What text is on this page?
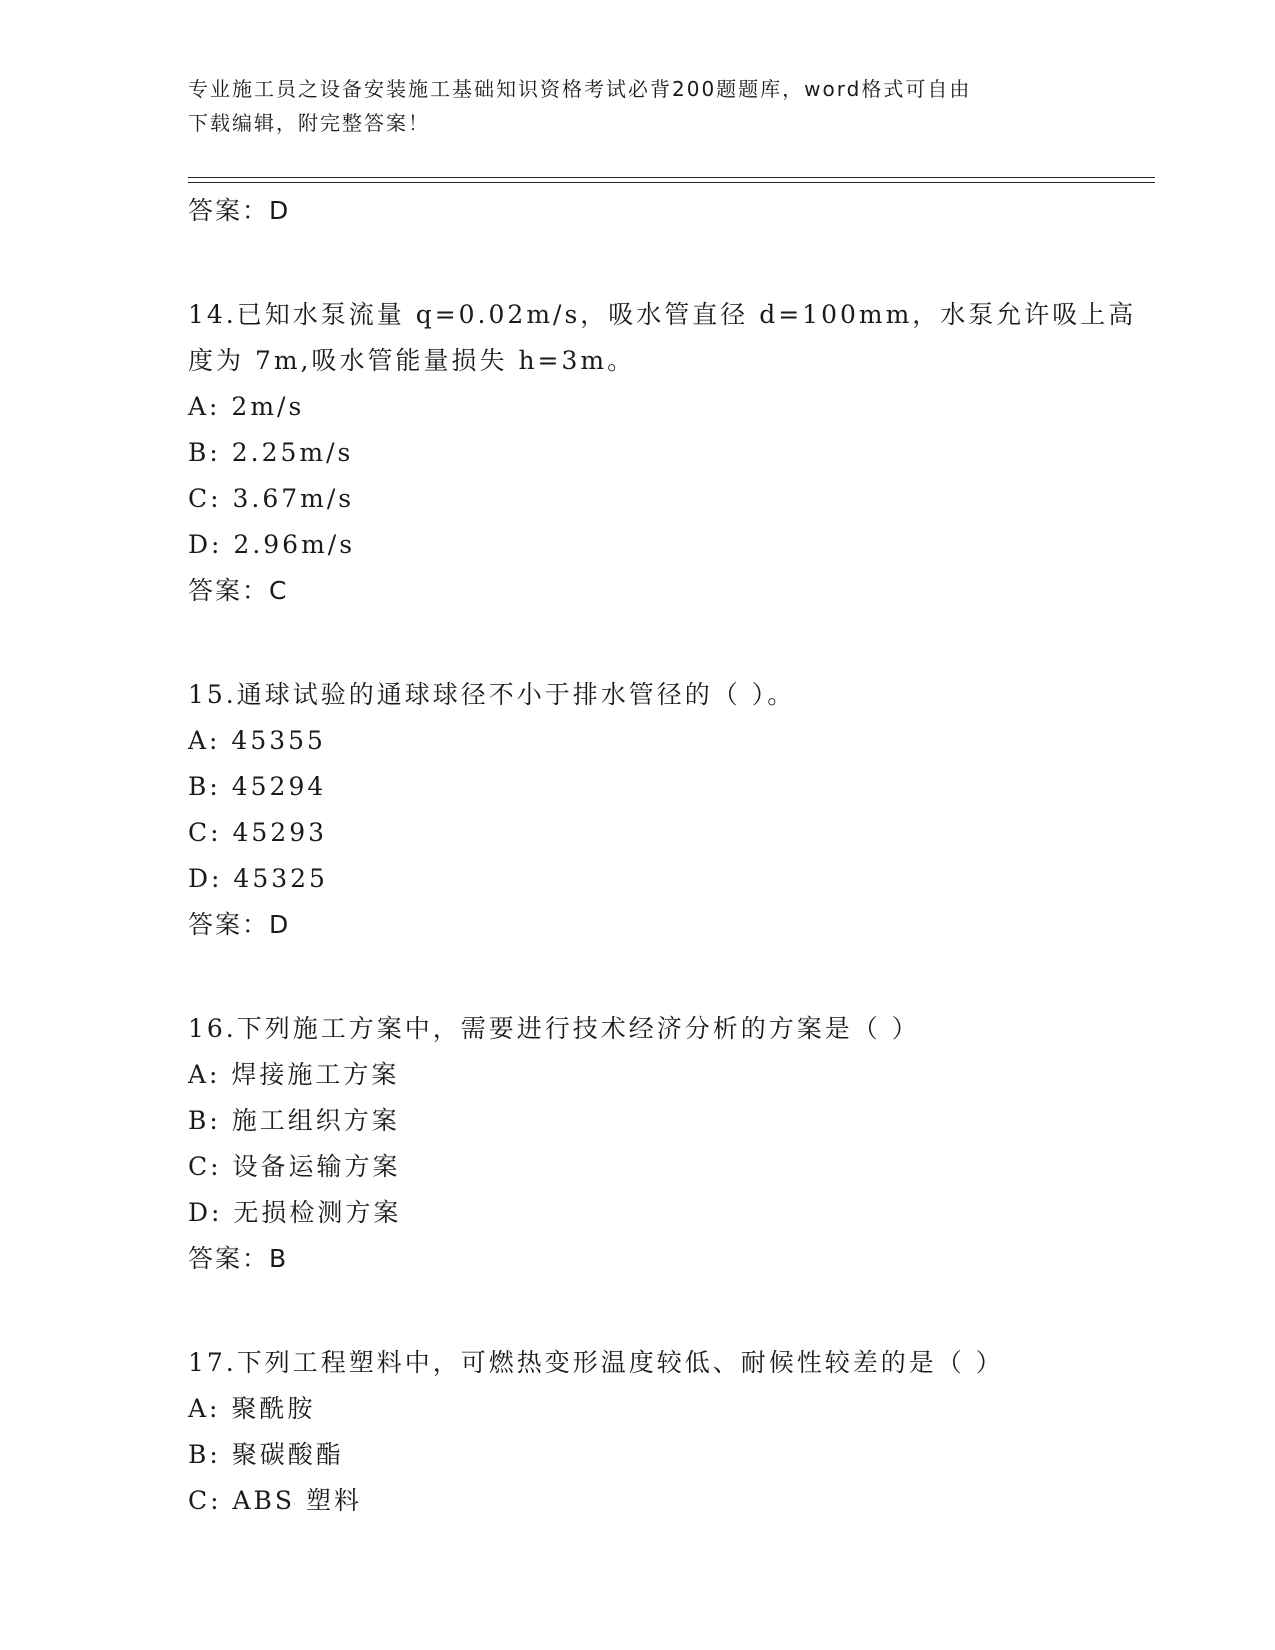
专业施工员之设备安装施工基础知识资格考试必背200题题库，word格式可自由
下载编辑，附完整答案！
答案：D
14.已知水泵流量 q=0.02m/s，吸水管直径 d=100mm，水泵允许吸上高
度为 7m,吸水管能量损失 h=3m。
A: 2m/s
B: 2.25m/s
C: 3.67m/s
D: 2.96m/s
答案：C
15.通球试验的通球球径不小于排水管径的（ ）。
A: 45355
B: 45294
C: 45293
D: 45325
答案：D
16.下列施工方案中，需要进行技术经济分析的方案是（ ）
A: 焊接施工方案
B: 施工组织方案
C: 设备运输方案
D: 无损检测方案
答案：B
17.下列工程塑料中，可燃热变形温度较低、耐候性较差的是（ ）
A: 聚酰胺
B: 聚碳酸酯
C: ABS 塑料
